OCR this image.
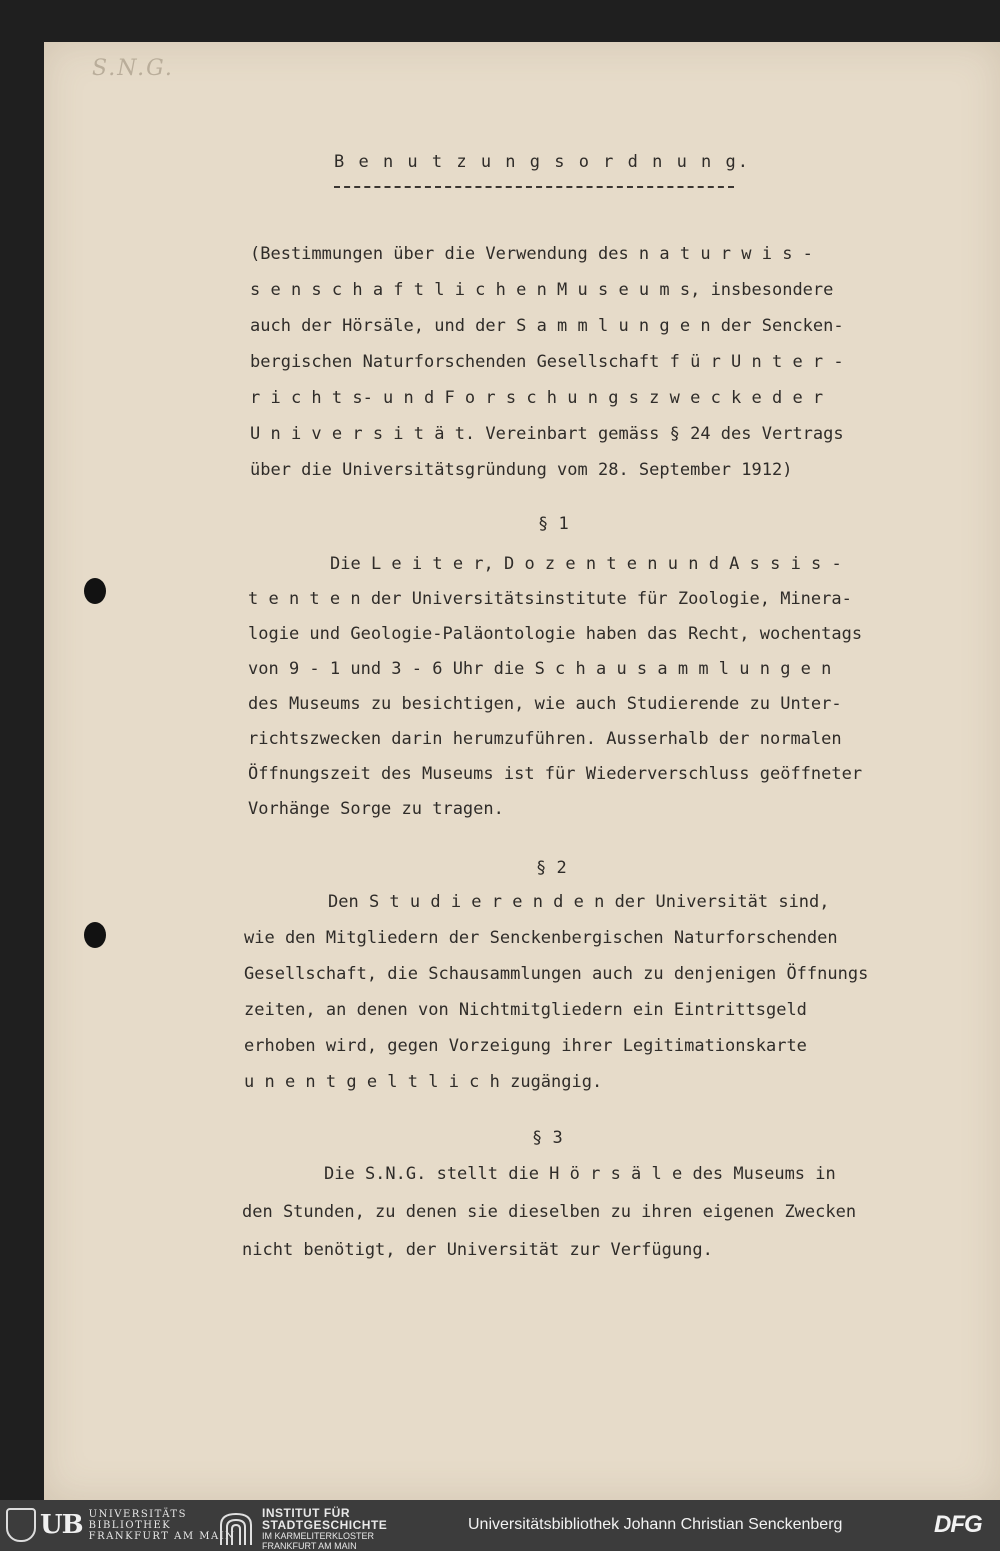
S.N.G.

B e n u t z u n g s o r d n u n g.

(Bestimmungen über die Verwendung des n a t u r w i s -

s e n s c h a f t l i c h e n M u s e u m s, insbesondere

auch der Hörsäle, und der S a m m l u n g e n der Sencken-

bergischen Naturforschenden Gesellschaft f ü r U n t e r -

r i c h t s- u n d F o r s c h u n g s z w e c k e d e r

U n i v e r s i t ä t. Vereinbart gemäss § 24 des Vertrags

über die Universitätsgründung vom 28. September 1912)

§ 1

Die L e i t e r, D o z e n t e n u n d A s s i s -

t e n t e n der Universitätsinstitute für Zoologie, Minera-

logie und Geologie-Paläontologie haben das Recht, wochentags

von 9 - 1 und 3 - 6 Uhr die S c h a u s a m m l u n g e n

des Museums zu besichtigen, wie auch Studierende zu Unter-

richtszwecken darin herumzuführen. Ausserhalb der normalen

Öffnungszeit des Museums ist für Wiederverschluss geöffneter

Vorhänge Sorge zu tragen.

§ 2

Den S t u d i e r e n d e n der Universität sind,

wie den Mitgliedern der Senckenbergischen Naturforschenden

Gesellschaft, die Schausammlungen auch zu denjenigen Öffnungs

zeiten, an denen von Nichtmitgliedern ein Eintrittsgeld

erhoben wird, gegen Vorzeigung ihrer Legitimationskarte

u n e n t g e l t l i c h zugängig.

§ 3

Die S.N.G. stellt die H ö r s ä l e des Museums in

den Stunden, zu denen sie dieselben zu ihren eigenen Zwecken

nicht benötigt, der Universität zur Verfügung.

UB UNIVERSITÄTS
BIBLIOTHEK
FRANKFURT AM MAIN
INSTITUT FÜR
STADTGESCHICHTE
IM KARMELITERKLOSTER
FRANKFURT AM MAIN
Universitätsbibliothek Johann Christian Senckenberg	DFG
